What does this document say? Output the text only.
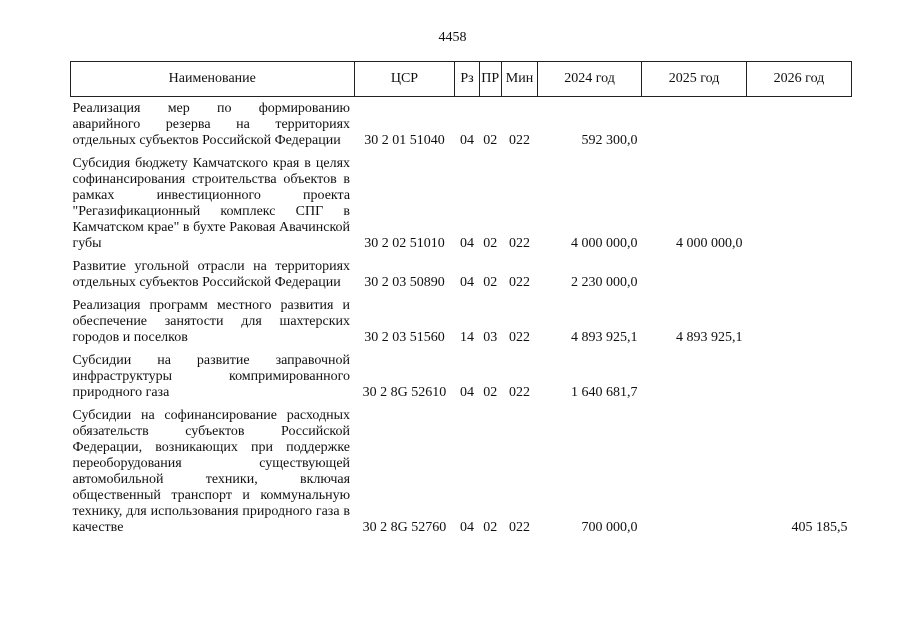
4458
Наименование	ЦСР	Рз	ПР	Мин	2024 год	2025 год	2026 год
Реализация мер по формированию аварийного резерва на территориях отдельных субъектов Российской Федерации	30 2 01 51040	04	02	022	592 300,0		
Субсидия бюджету Камчатского края в целях софинансирования строительства объектов в рамках инвестиционного проекта "Регазификационный комплекс СПГ в Камчатском крае" в бухте Раковая Авачинской губы	30 2 02 51010	04	02	022	4 000 000,0	4 000 000,0	
Развитие угольной отрасли на территориях отдельных субъектов Российской Федерации	30 2 03 50890	04	02	022	2 230 000,0		
Реализация программ местного развития и обеспечение занятости для шахтерских городов и поселков	30 2 03 51560	14	03	022	4 893 925,1	4 893 925,1	
Субсидии на развитие заправочной инфраструктуры компримированного природного газа	30 2 8G 52610	04	02	022	1 640 681,7		
Субсидии на софинансирование расходных обязательств субъектов Российской Федерации, возникающих при поддержке переоборудования существующей автомобильной техники, включая общественный транспорт и коммунальную технику, для использования природного газа в качестве	30 2 8G 52760	04	02	022	700 000,0		405 185,5
